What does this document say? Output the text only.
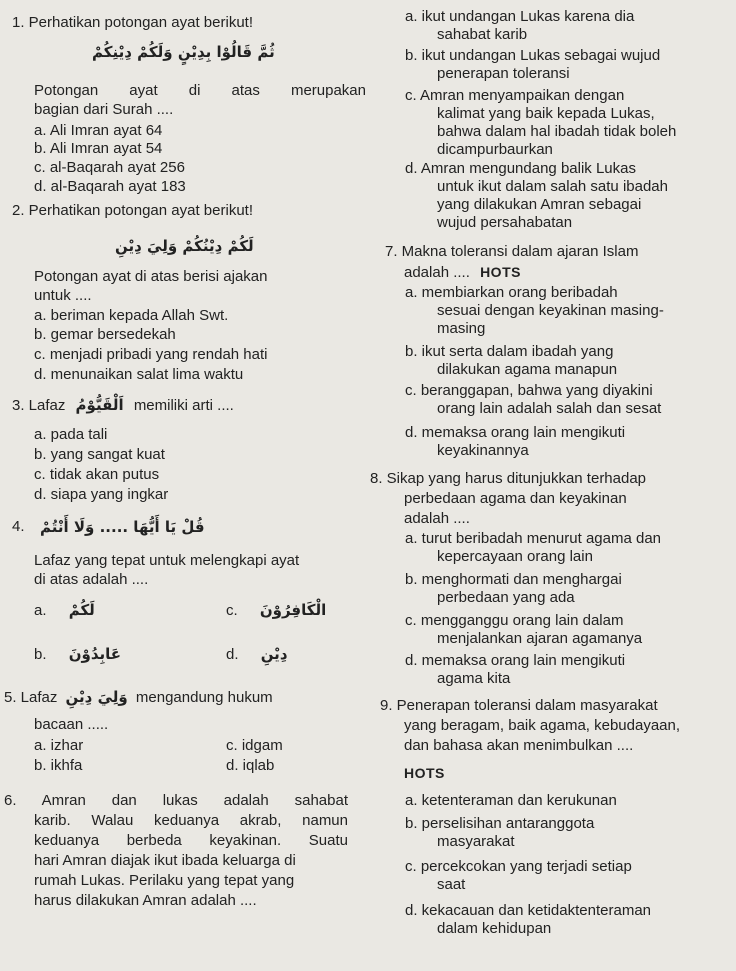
1. Perhatikan potongan ayat berikut!
ثُمَّ قَالُوْا بِدِيْنٍ وَلَكُمْ دِيْنِكُمْ
Potongan ayat di atas merupakan
bagian dari Surah ....
a. Ali Imran ayat 64
b. Ali Imran ayat 54
c. al-Baqarah ayat 256
d. al-Baqarah ayat 183
2. Perhatikan potongan ayat berikut!
لَكُمْ دِيْنُكُمْ وَلِيَ دِيْنِ
Potongan ayat di atas berisi ajakan
untuk ....
a. beriman kepada Allah Swt.
b. gemar bersedekah
c. menjadi pribadi yang rendah hati
d. menunaikan salat lima waktu
3. Lafaz اَلْقَيُّوْمُ memiliki arti ....
a. pada tali
b. yang sangat kuat
c. tidak akan putus
d. siapa yang ingkar
4. قُلْ يَا أَيُّهَا ..... وَلَا أَنْتُمْ
Lafaz yang tepat untuk melengkapi ayat
di atas adalah ....
a. لَكُمْ
b. عَابِدُوْنَ
c. الْكَافِرُوْنَ
d. دِيْنِ
5. Lafaz وَلِيَ دِيْنِ mengandung hukum
bacaan .....
a. izhar
b. ikhfa
c. idgam
d. iqlab
6. Amran dan lukas adalah sahabat
karib. Walau keduanya akrab, namun
keduanya berbeda keyakinan. Suatu
hari Amran diajak ikut ibada keluarga di
rumah Lukas. Perilaku yang tepat yang
harus dilakukan Amran adalah ....
a. ikut undangan Lukas karena dia
sahabat karib
b. ikut undangan Lukas sebagai wujud
penerapan toleransi
c. Amran menyampaikan dengan
kalimat yang baik kepada Lukas,
bahwa dalam hal ibadah tidak boleh
dicampurbaurkan
d. Amran mengundang balik Lukas
untuk ikut dalam salah satu ibadah
yang dilakukan Amran sebagai
wujud persahabatan
7. Makna toleransi dalam ajaran Islam
adalah .... HOTS
a. membiarkan orang beribadah
sesuai dengan keyakinan masing-
masing
b. ikut serta dalam ibadah yang
dilakukan agama manapun
c. beranggapan, bahwa yang diyakini
orang lain adalah salah dan sesat
d. memaksa orang lain mengikuti
keyakinannya
8. Sikap yang harus ditunjukkan terhadap
perbedaan agama dan keyakinan
adalah ....
a. turut beribadah menurut agama dan
kepercayaan orang lain
b. menghormati dan menghargai
perbedaan yang ada
c. mengganggu orang lain dalam
menjalankan ajaran agamanya
d. memaksa orang lain mengikuti
agama kita
9. Penerapan toleransi dalam masyarakat
yang beragam, baik agama, kebudayaan,
dan bahasa akan menimbulkan ....
HOTS
a. ketenteraman dan kerukunan
b. perselisihan antaranggota
masyarakat
c. percekcokan yang terjadi setiap
saat
d. kekacauan dan ketidaktenteraman
dalam kehidupan
